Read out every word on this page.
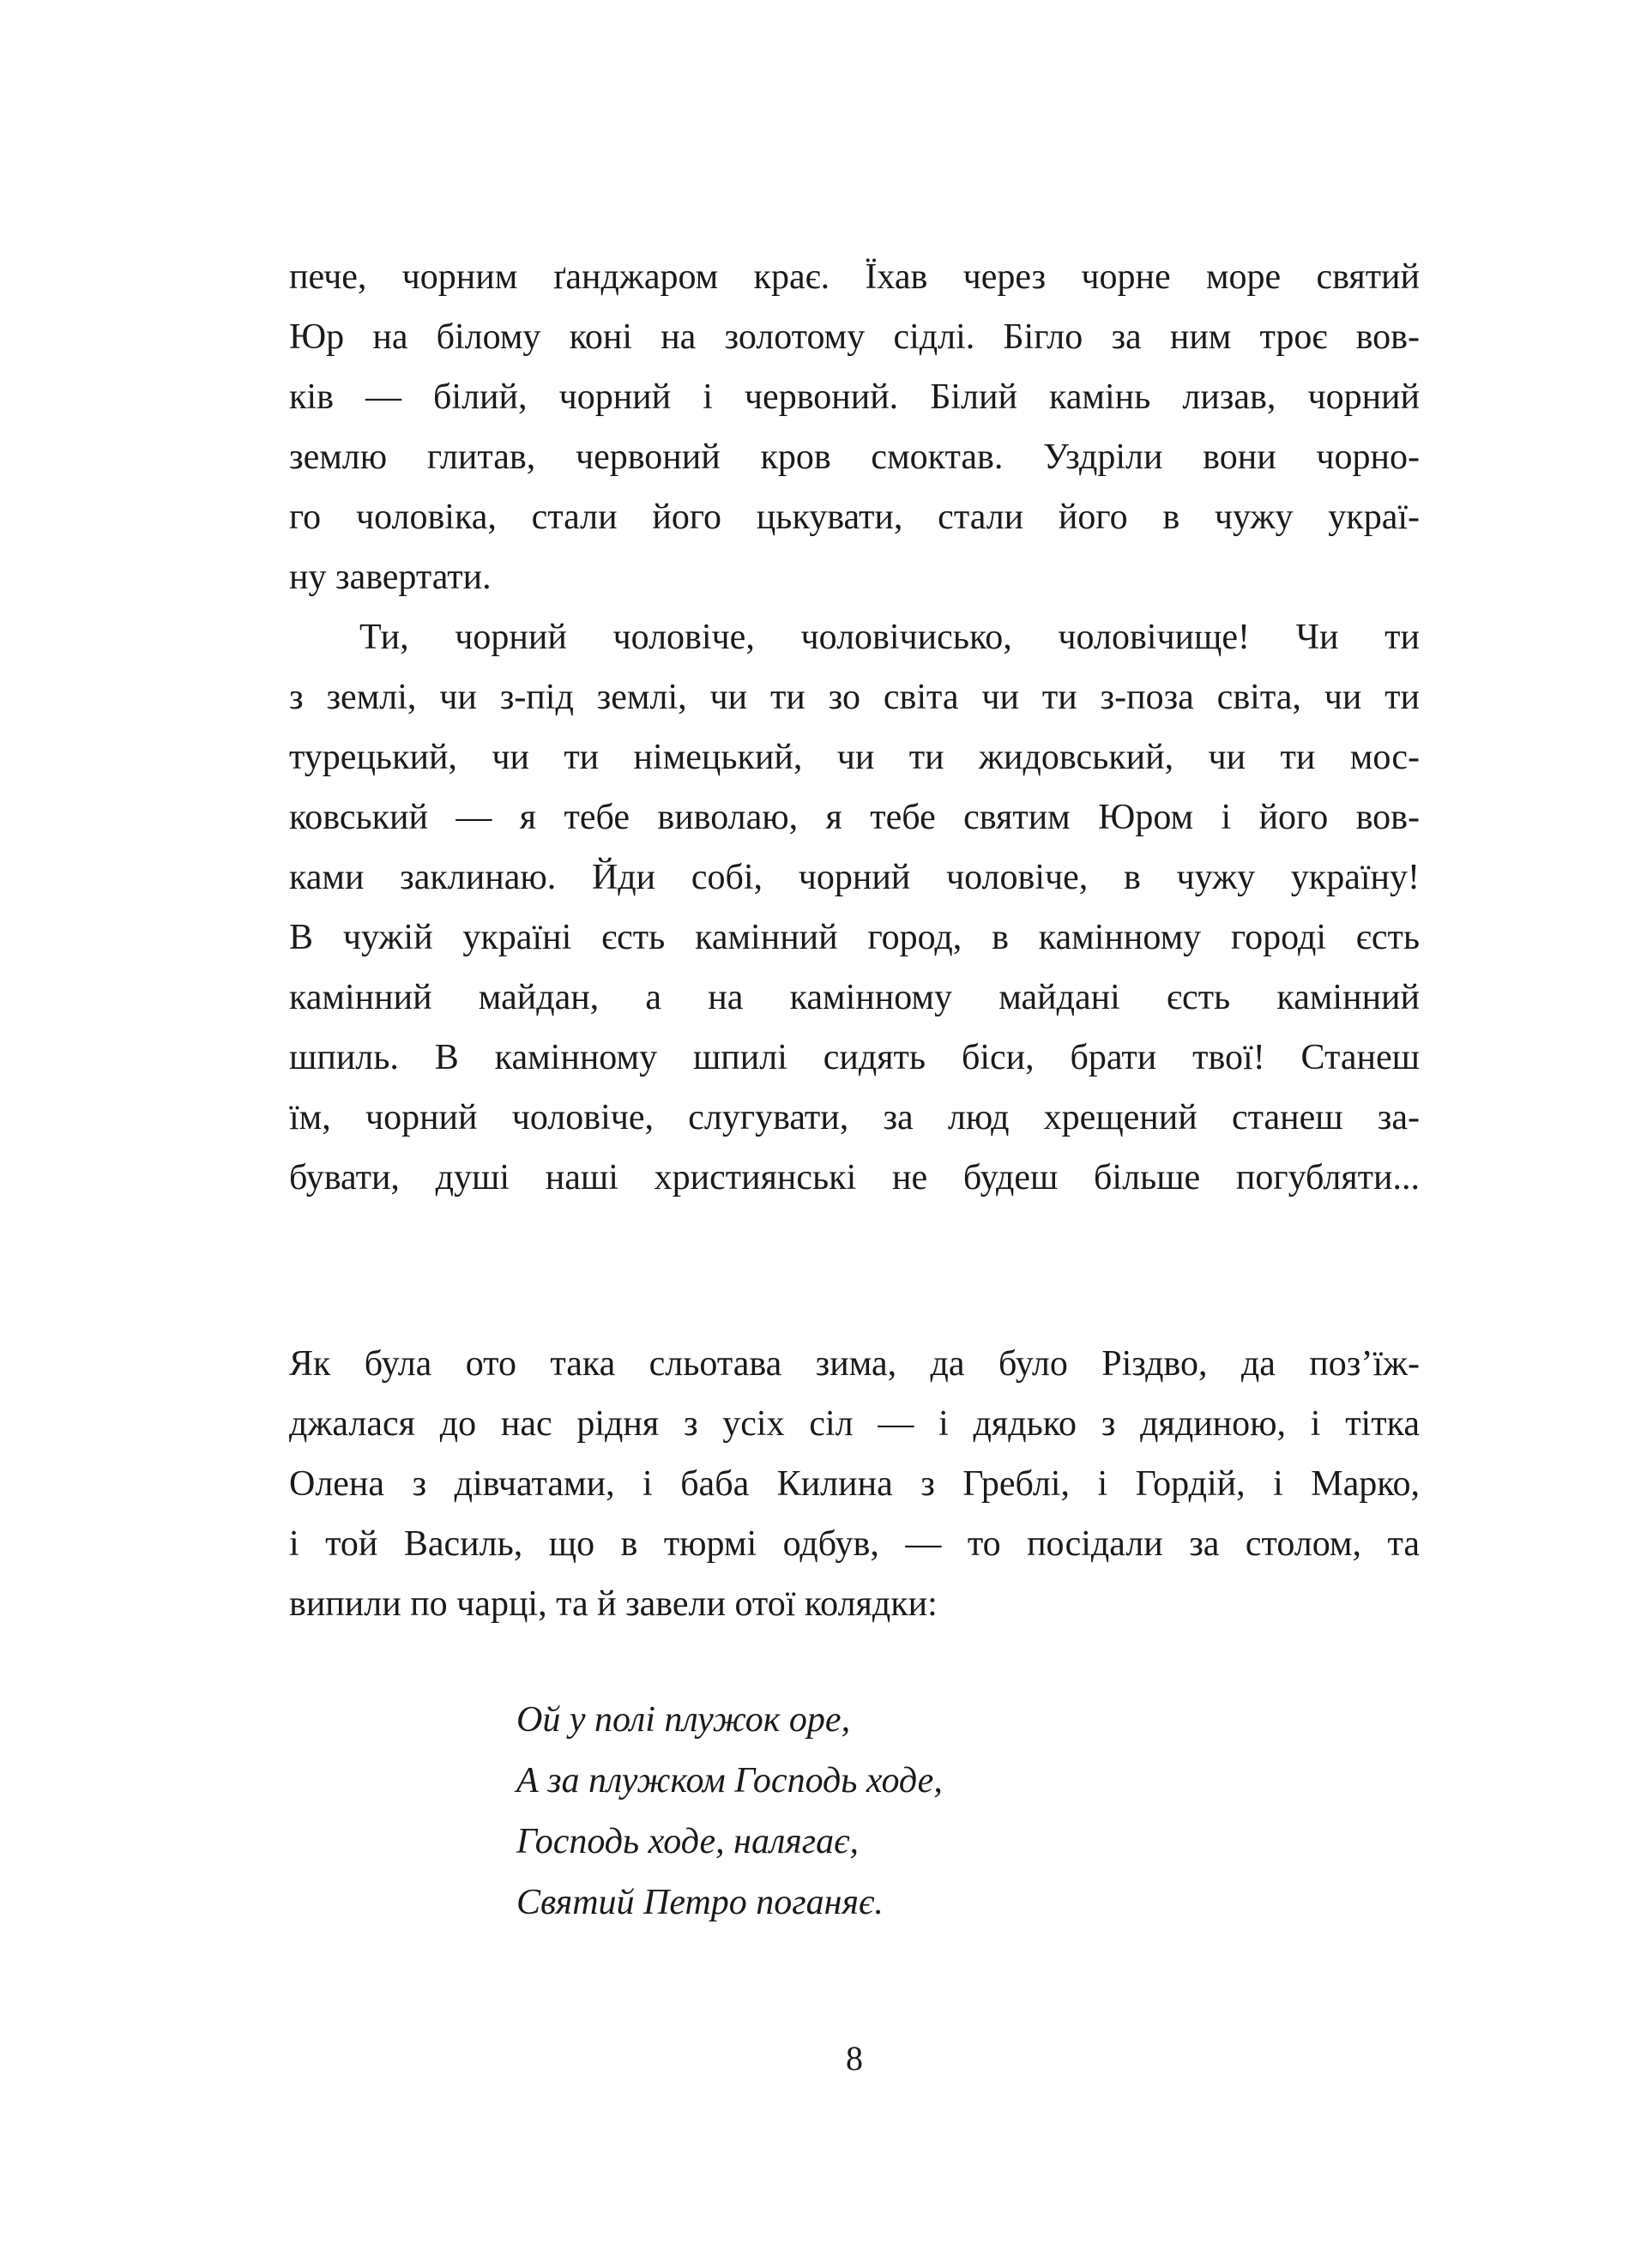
пече, чорним ґанджаром крає. Їхав через чорне море святий
Юр на білому коні на золотому сідлі. Бігло за ним троє вов-
ків — білий, чорний і червоний. Білий камінь лизав, чорний
землю глитав, червоний кров смоктав. Уздріли вони чорно-
го чоловіка, стали його цькувати, стали його в чужу украї-
ну завертати.
Ти, чорний чоловіче, чоловічисько, чоловічище! Чи ти
з землі, чи з-під землі, чи ти зо світа чи ти з-поза світа, чи ти
турецький, чи ти німецький, чи ти жидовський, чи ти мос-
ковський — я тебе виволаю, я тебе святим Юром і його вов-
ками заклинаю. Йди собі, чорний чоловіче, в чужу україну!
В чужій україні єсть камінний город, в камінному городі єсть
камінний майдан, а на камінному майдані єсть камінний
шпиль. В камінному шпилі сидять біси, брати твої! Станеш
їм, чорний чоловіче, слугувати, за люд хрещений станеш за-
бувати, душі наші християнські не будеш більше погубляти...
Як була ото така сльотава зима, да було Різдво, да поз’їж-
джалася до нас рідня з усіх сіл — і дядько з дядиною, і тітка
Олена з дівчатами, і баба Килина з Греблі, і Гордій, і Марко,
і той Василь, що в тюрмі одбув, — то посідали за столом, та
випили по чарці, та й завели отої колядки:
Ой у полі плужок оре,
А за плужком Господь ходе,
Господь ходе, налягає,
Святий Петро поганяє.
8
